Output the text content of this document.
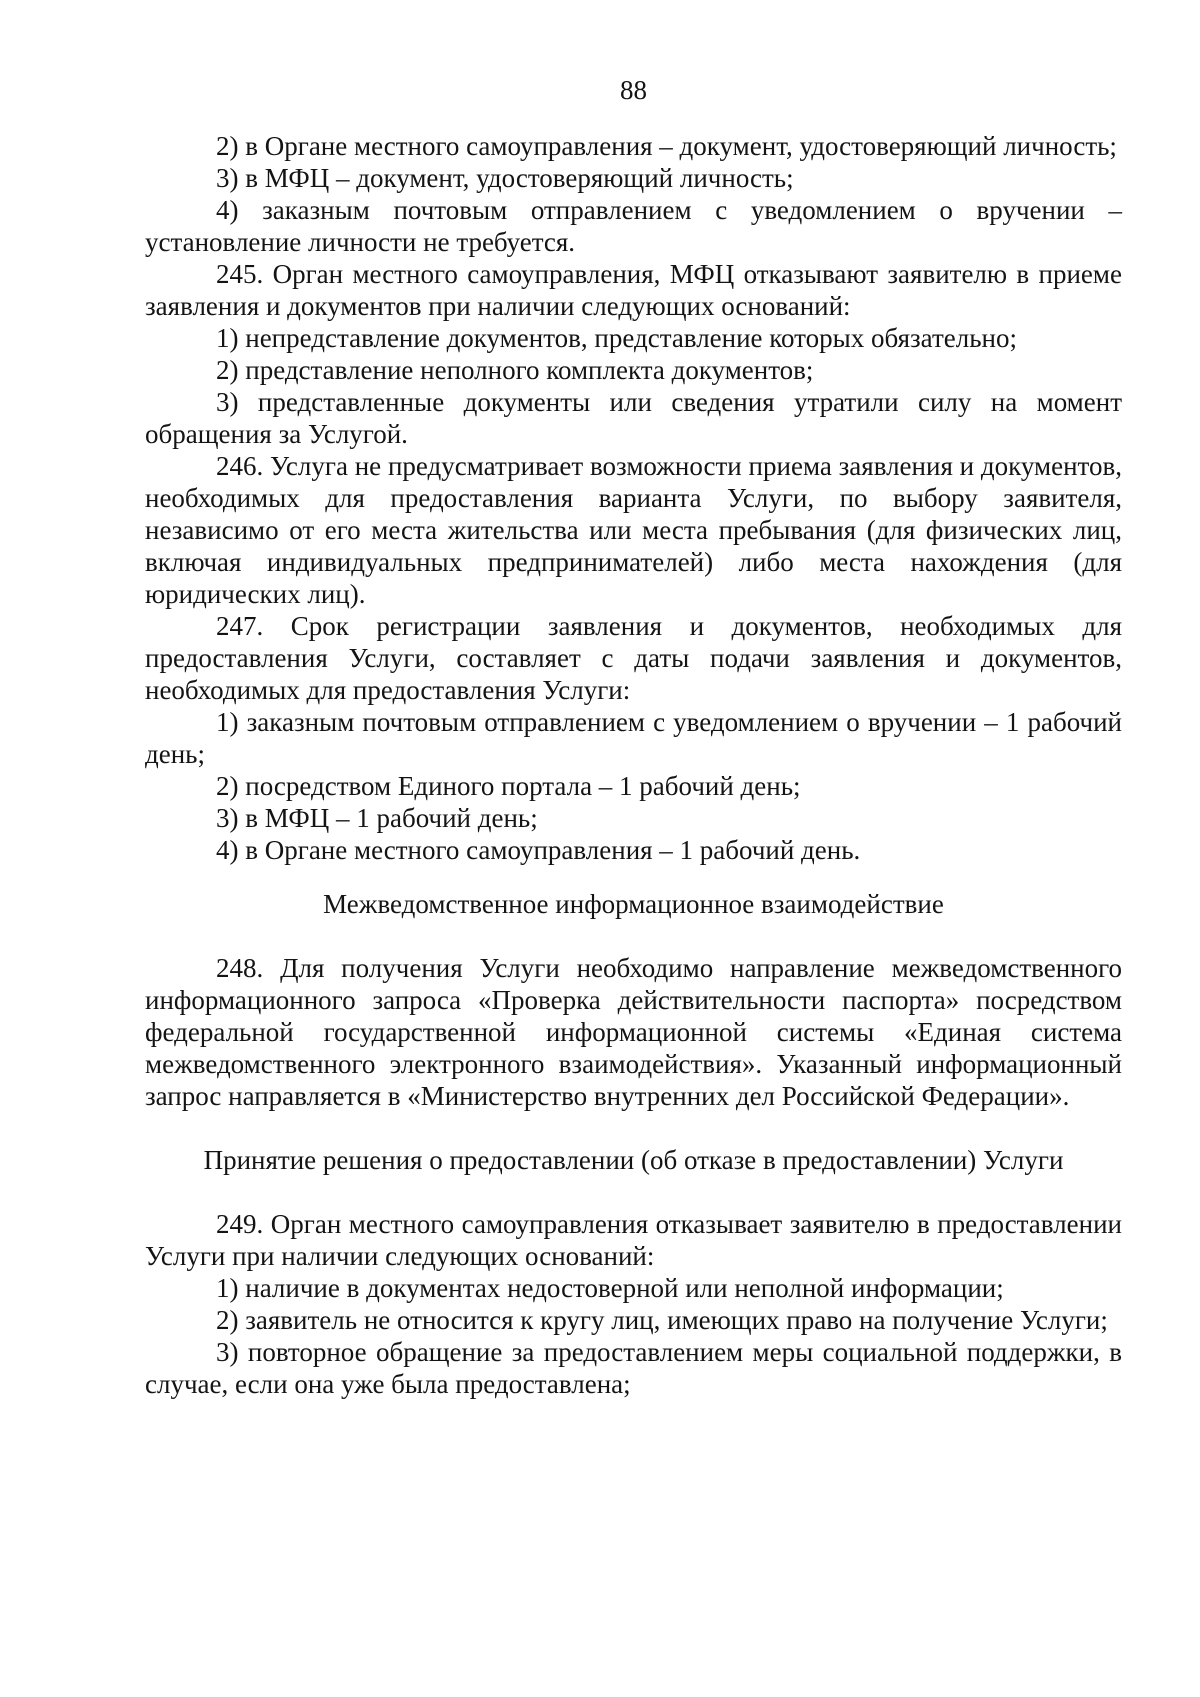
88

2) в Органе местного самоуправления – документ, удостоверяющий личность;

3) в МФЦ – документ, удостоверяющий личность;

4) заказным почтовым отправлением с уведомлением о вручении – установление личности не требуется.

245. Орган местного самоуправления, МФЦ отказывают заявителю в приеме заявления и документов при наличии следующих оснований:

1) непредставление документов, представление которых обязательно;

2) представление неполного комплекта документов;

3) представленные документы или сведения утратили силу на момент обращения за Услугой.

246. Услуга не предусматривает возможности приема заявления и документов, необходимых для предоставления варианта Услуги, по выбору заявителя, независимо от его места жительства или места пребывания (для физических лиц, включая индивидуальных предпринимателей) либо места нахождения (для юридических лиц).

247. Срок регистрации заявления и документов, необходимых для предоставления Услуги, составляет с даты подачи заявления и документов, необходимых для предоставления Услуги:

1) заказным почтовым отправлением с уведомлением о вручении – 1 рабочий день;

2) посредством Единого портала – 1 рабочий день;

3) в МФЦ – 1 рабочий день;

4) в Органе местного самоуправления – 1 рабочий день.

Межведомственное информационное взаимодействие

248. Для получения Услуги необходимо направление межведомственного информационного запроса «Проверка действительности паспорта» посредством федеральной государственной информационной системы «Единая система межведомственного электронного взаимодействия». Указанный информационный запрос направляется в «Министерство внутренних дел Российской Федерации».

Принятие решения о предоставлении (об отказе в предоставлении) Услуги

249. Орган местного самоуправления отказывает заявителю в предоставлении Услуги при наличии следующих оснований:

1) наличие в документах недостоверной или неполной информации;

2) заявитель не относится к кругу лиц, имеющих право на получение Услуги;

3) повторное обращение за предоставлением меры социальной поддержки, в случае, если она уже была предоставлена;
